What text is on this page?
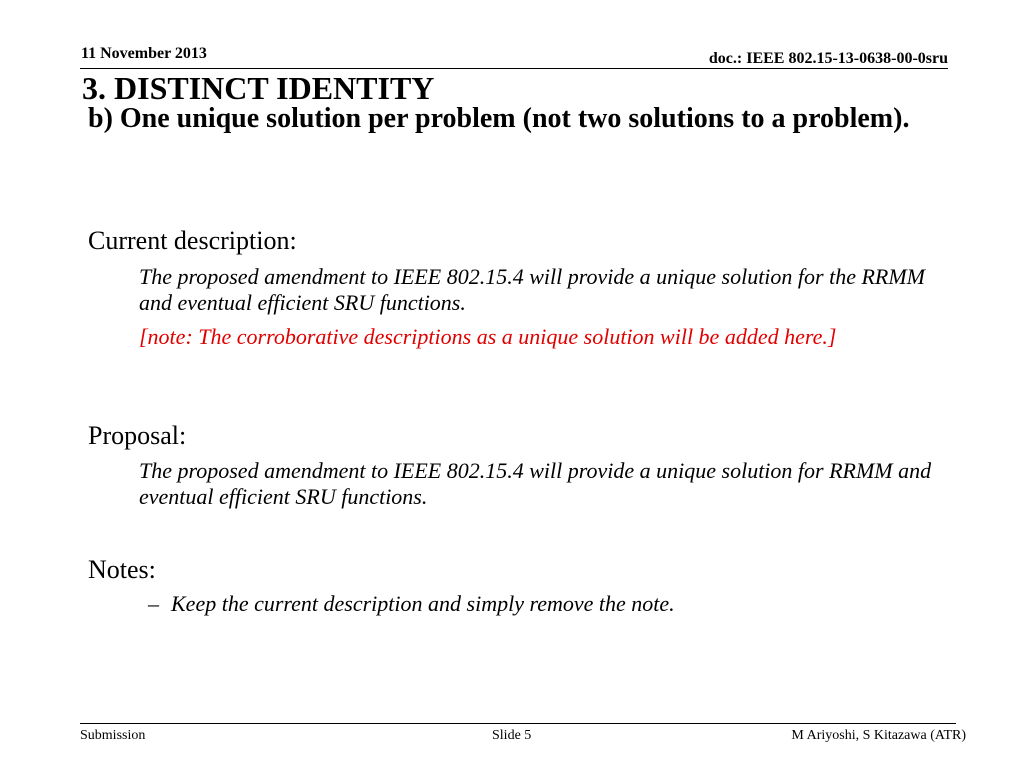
11 November 2013	doc.: IEEE 802.15-13-0638-00-0sru
3. DISTINCT IDENTITY

b) One unique solution per problem (not two solutions to a problem).

Current description:

The proposed amendment to IEEE 802.15.4 will provide a unique solution for the RRMM and eventual efficient SRU functions.

[note: The corroborative descriptions as a unique solution will be added here.]

Proposal:

The proposed amendment to IEEE 802.15.4 will provide a unique solution for RRMM and eventual efficient SRU functions.

Notes:
– Keep the current description and simply remove the note.
Submission	Slide 5	M Ariyoshi, S Kitazawa (ATR)
